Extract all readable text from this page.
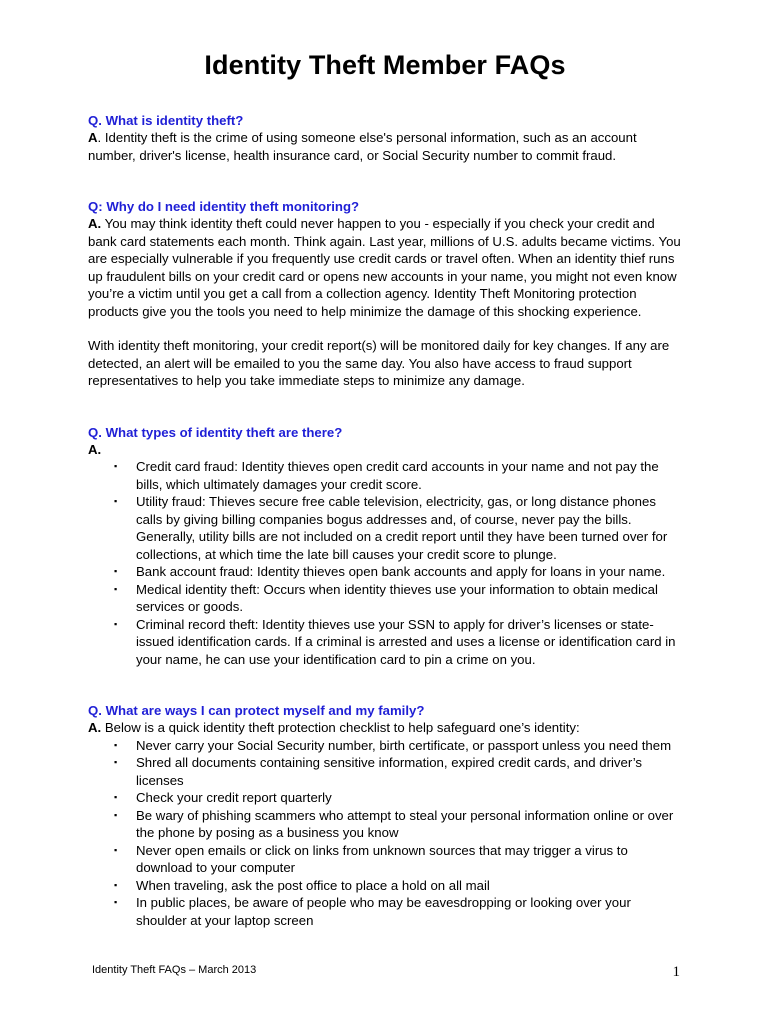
Identity Theft Member FAQs

Q. What is identity theft?

A. Identity theft is the crime of using someone else's personal information, such as an account number, driver's license, health insurance card, or Social Security number to commit fraud.

Q: Why do I need identity theft monitoring?

A. You may think identity theft could never happen to you - especially if you check your credit and bank card statements each month. Think again. Last year, millions of U.S. adults became victims. You are especially vulnerable if you frequently use credit cards or travel often. When an identity thief runs up fraudulent bills on your credit card or opens new accounts in your name, you might not even know you’re a victim until you get a call from a collection agency. Identity Theft Monitoring protection products give you the tools you need to help minimize the damage of this shocking experience.

With identity theft monitoring, your credit report(s) will be monitored daily for key changes. If any are detected, an alert will be emailed to you the same day. You also have access to fraud support representatives to help you take immediate steps to minimize any damage.

Q. What types of identity theft are there?

A.

▪ Credit card fraud: Identity thieves open credit card accounts in your name and not pay the bills, which ultimately damages your credit score.
▪ Utility fraud: Thieves secure free cable television, electricity, gas, or long distance phones calls by giving billing companies bogus addresses and, of course, never pay the bills. Generally, utility bills are not included on a credit report until they have been turned over for collections, at which time the late bill causes your credit score to plunge.
▪ Bank account fraud: Identity thieves open bank accounts and apply for loans in your name.
▪ Medical identity theft: Occurs when identity thieves use your information to obtain medical services or goods.
▪ Criminal record theft: Identity thieves use your SSN to apply for driver’s licenses or state-issued identification cards. If a criminal is arrested and uses a license or identification card in your name, he can use your identification card to pin a crime on you.

Q. What are ways I can protect myself and my family?

A. Below is a quick identity theft protection checklist to help safeguard one’s identity:

▪ Never carry your Social Security number, birth certificate, or passport unless you need them
▪ Shred all documents containing sensitive information, expired credit cards, and driver’s licenses
▪ Check your credit report quarterly
▪ Be wary of phishing scammers who attempt to steal your personal information online or over the phone by posing as a business you know
▪ Never open emails or click on links from unknown sources that may trigger a virus to download to your computer
▪ When traveling, ask the post office to place a hold on all mail
▪ In public places, be aware of people who may be eavesdropping or looking over your shoulder at your laptop screen
Identity Theft FAQs – March 2013	1
